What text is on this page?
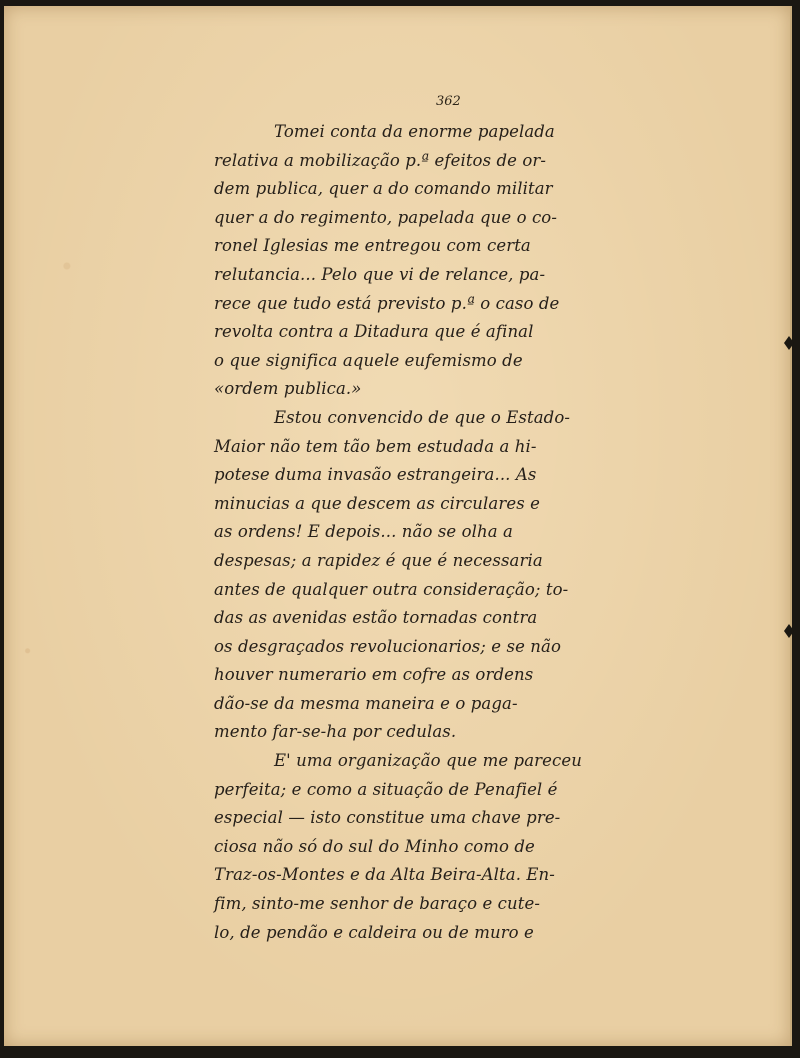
362

Tomei conta da enorme papelada
relativa a mobilização p.ª efeitos de or-
dem publica, quer a do comando militar
quer a do regimento, papelada que o co-
ronel Iglesias me entregou com certa
relutancia... Pelo que vi de relance, pa-
rece que tudo está previsto p.ª o caso de
revolta contra a Ditadura que é afinal
o que significa aquele eufemismo de
«ordem publica.»
Estou convencido de que o Estado-
Maior não tem tão bem estudada a hi-
potese duma invasão estrangeira... As
minucias a que descem as circulares e
as ordens! E depois... não se olha a
despesas; a rapidez é que é necessaria
antes de qualquer outra consideração; to-
das as avenidas estão tornadas contra
os desgraçados revolucionarios; e se não
houver numerario em cofre as ordens
dão-se da mesma maneira e o paga-
mento far-se-ha por cedulas.
E' uma organização que me pareceu
perfeita; e como a situação de Penafiel é
especial — isto constitue uma chave pre-
ciosa não só do sul do Minho como de
Traz-os-Montes e da Alta Beira-Alta. En-
fim, sinto-me senhor de baraço e cute-
lo, de pendão e caldeira ou de muro e
